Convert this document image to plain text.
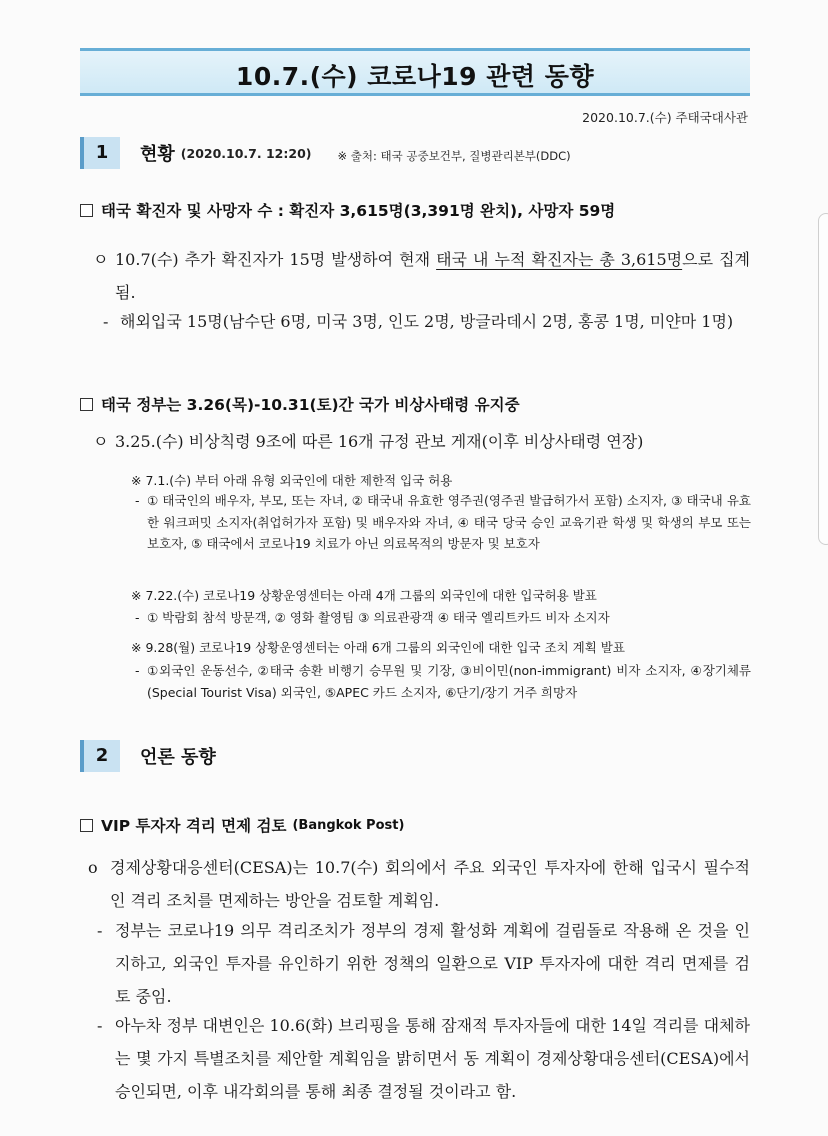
10.7.(수) 코로나19 관련 동향
2020.10.7.(수) 주태국대사관
1	현황 (2020.10.7. 12:20) ※ 출처: 태국 공중보건부, 질병관리본부(DDC)
태국 확진자 및 사망자 수 : 확진자 3,615명(3,391명 완치), 사망자 59명
ㅇ 10.7(수) 추가 확진자가 15명 발생하여 현재 태국 내 누적 확진자는 총 3,615명으로 집계됨.
- 해외입국 15명(남수단 6명, 미국 3명, 인도 2명, 방글라데시 2명, 홍콩 1명, 미얀마 1명)
태국 정부는 3.26(목)-10.31(토)간 국가 비상사태령 유지중
ㅇ 3.25.(수) 비상칙령 9조에 따른 16개 규정 관보 게재(이후 비상사태령 연장)
※ 7.1.(수) 부터 아래 유형 외국인에 대한 제한적 입국 허용
- ① 태국인의 배우자, 부모, 또는 자녀, ② 태국내 유효한 영주권(영주권 발급허가서 포함) 소지자, ③ 태국내 유효한 워크퍼밋 소지자(취업허가자 포함) 및 배우자와 자녀, ④ 태국 당국 승인 교육기관 학생 및 학생의 부모 또는 보호자, ⑤ 태국에서 코로나19 치료가 아닌 의료목적의 방문자 및 보호자
※ 7.22.(수) 코로나19 상황운영센터는 아래 4개 그룹의 외국인에 대한 입국허용 발표
- ① 박람회 참석 방문객, ② 영화 촬영팀 ③ 의료관광객 ④ 태국 엘리트카드 비자 소지자
※ 9.28(월) 코로나19 상황운영센터는 아래 6개 그룹의 외국인에 대한 입국 조치 계획 발표
- ①외국인 운동선수, ②태국 송환 비행기 승무원 및 기장, ③비이민(non-immigrant) 비자 소지자, ④장기체류(Special Tourist Visa) 외국인, ⑤APEC 카드 소지자, ⑥단기/장기 거주 희망자
2	언론 동향
VIP 투자자 격리 면제 검토 (Bangkok Post)
o 경제상황대응센터(CESA)는 10.7(수) 회의에서 주요 외국인 투자자에 한해 입국시 필수적인 격리 조치를 면제하는 방안을 검토할 계획임.
- 정부는 코로나19 의무 격리조치가 정부의 경제 활성화 계획에 걸림돌로 작용해 온 것을 인지하고, 외국인 투자를 유인하기 위한 정책의 일환으로 VIP 투자자에 대한 격리 면제를 검토 중임.
- 아누차 정부 대변인은 10.6(화) 브리핑을 통해 잠재적 투자자들에 대한 14일 격리를 대체하는 몇 가지 특별조치를 제안할 계획임을 밝히면서 동 계획이 경제상황대응센터(CESA)에서 승인되면, 이후 내각회의를 통해 최종 결정될 것이라고 함.
